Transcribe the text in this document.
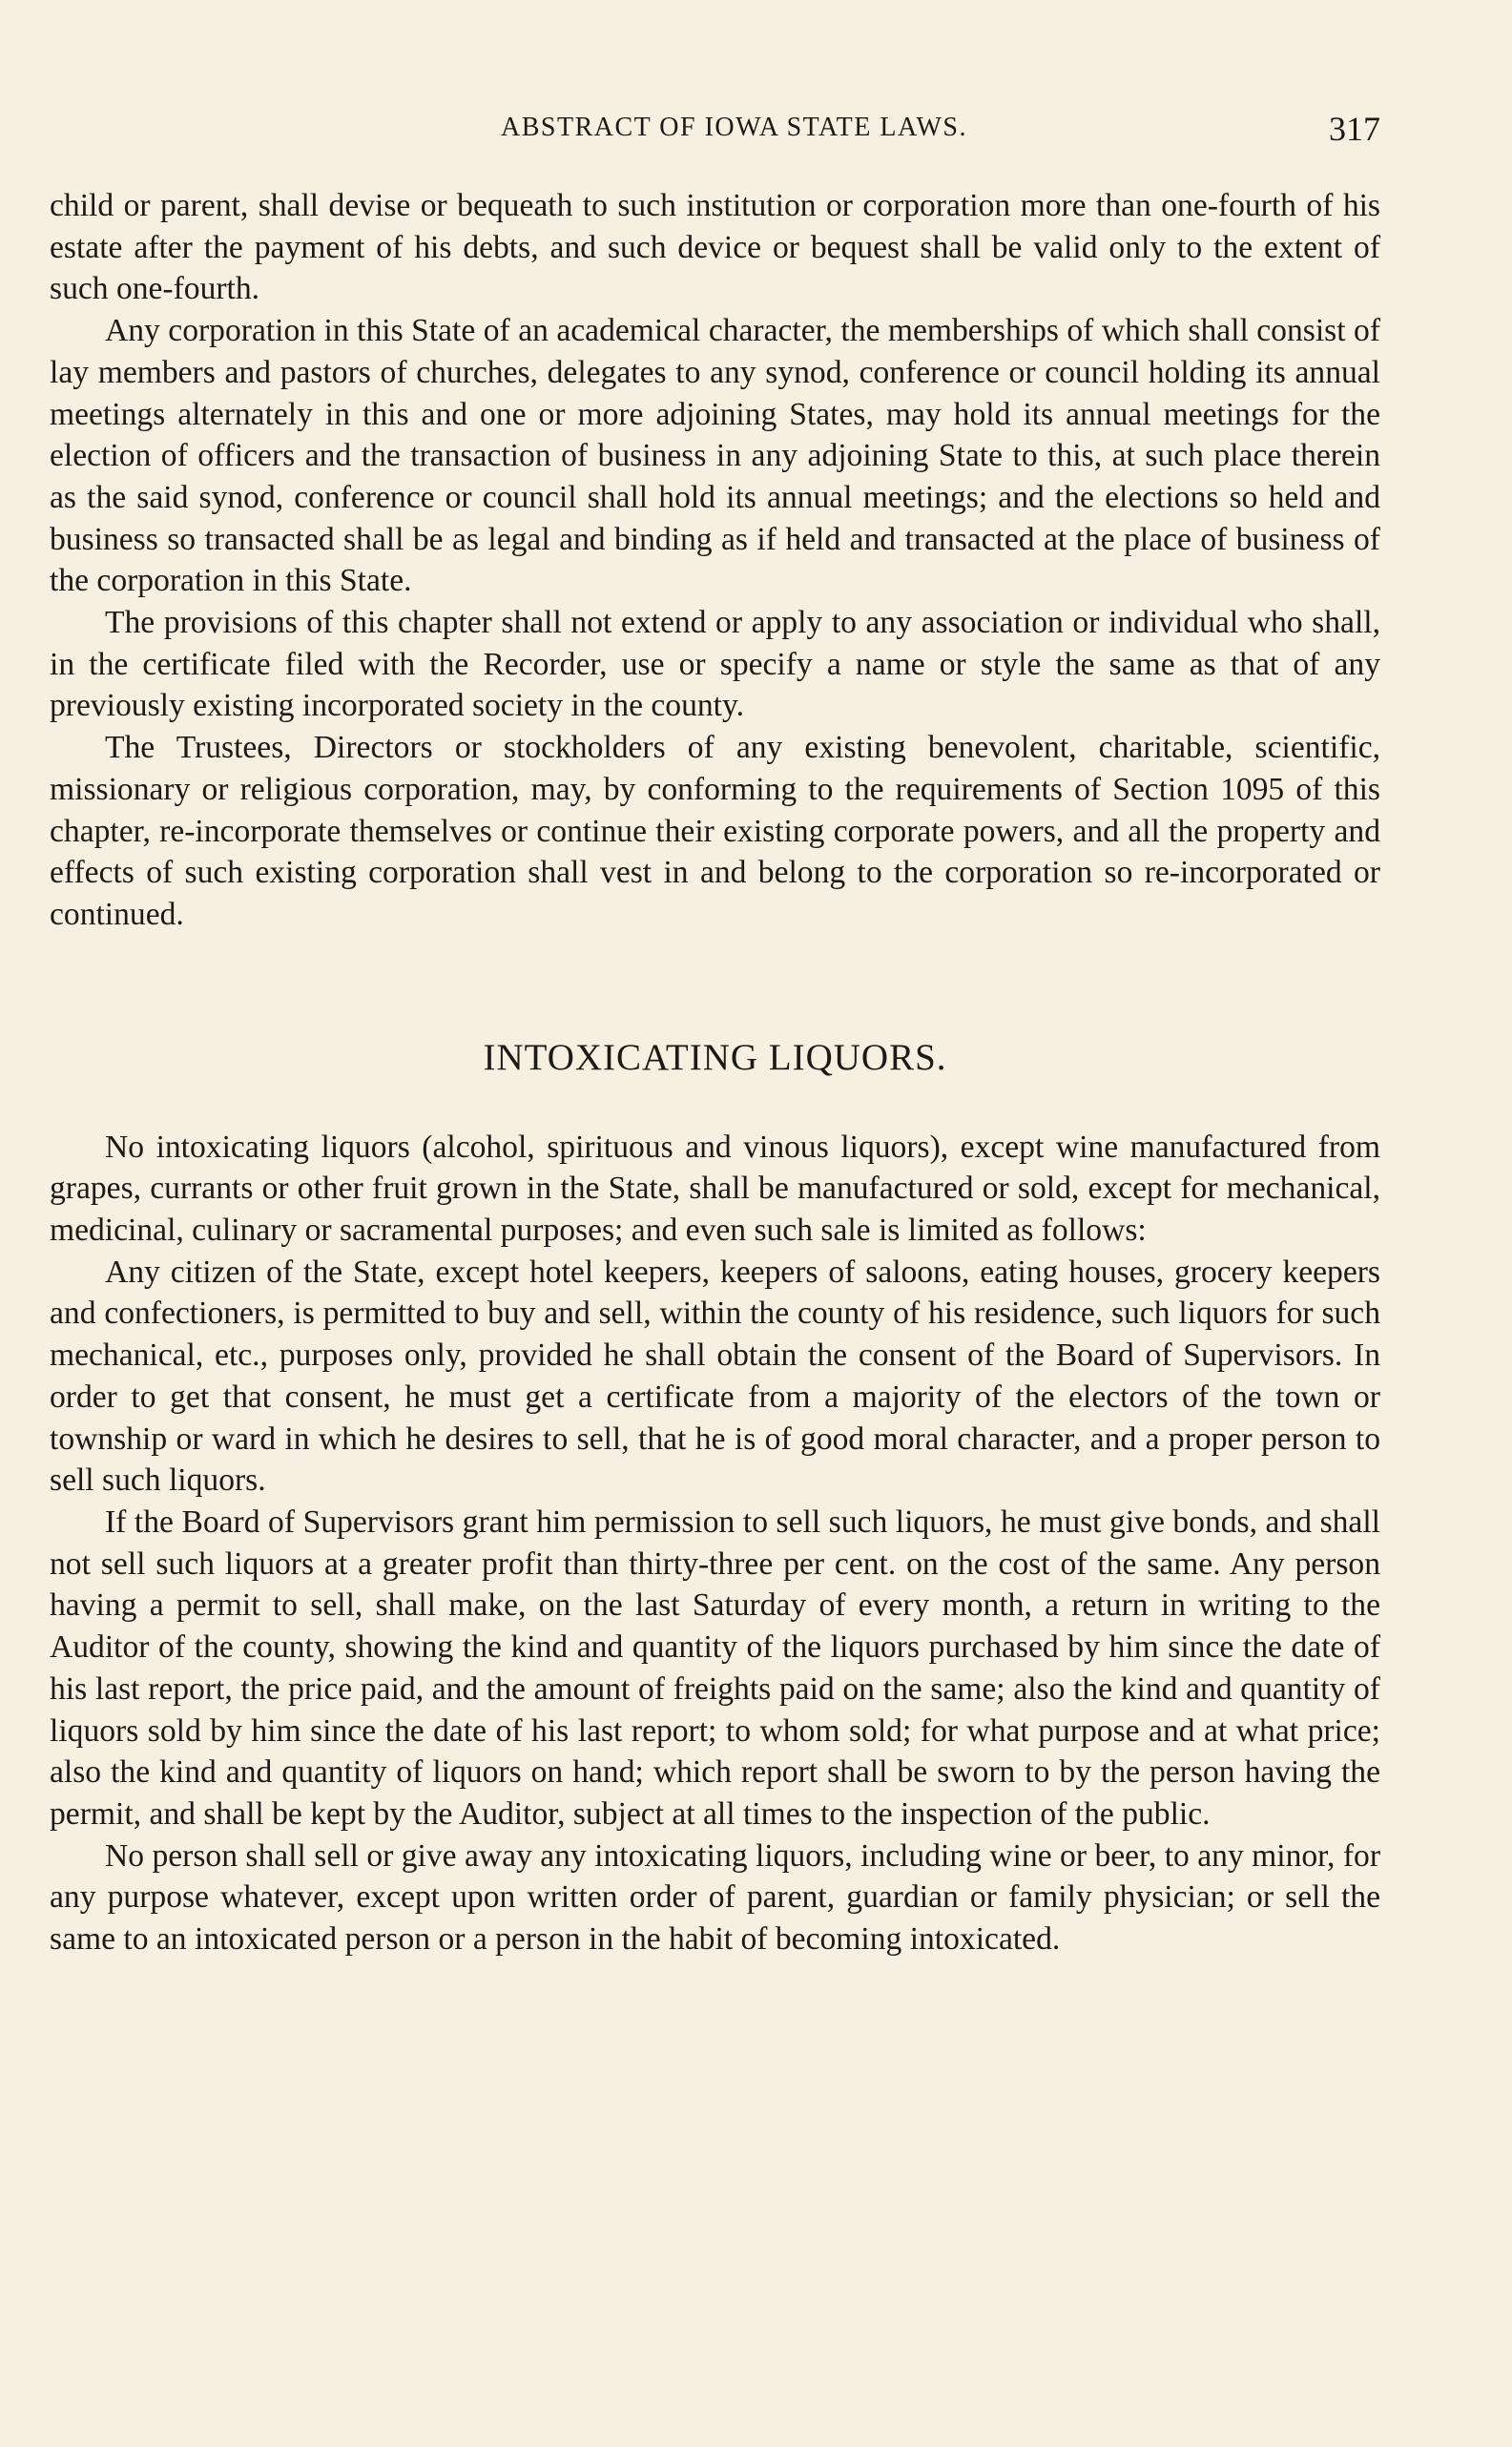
ABSTRACT OF IOWA STATE LAWS.	317

child or parent, shall devise or bequeath to such institution or corporation more than one-fourth of his estate after the payment of his debts, and such device or bequest shall be valid only to the extent of such one-fourth.

Any corporation in this State of an academical character, the memberships of which shall consist of lay members and pastors of churches, delegates to any synod, conference or council holding its annual meetings alternately in this and one or more adjoining States, may hold its annual meetings for the election of officers and the transaction of business in any adjoining State to this, at such place therein as the said synod, conference or council shall hold its annual meetings; and the elections so held and business so transacted shall be as legal and binding as if held and transacted at the place of business of the corporation in this State.

The provisions of this chapter shall not extend or apply to any association or individual who shall, in the certificate filed with the Recorder, use or specify a name or style the same as that of any previously existing incorporated society in the county.

The Trustees, Directors or stockholders of any existing benevolent, charitable, scientific, missionary or religious corporation, may, by conforming to the requirements of Section 1095 of this chapter, re-incorporate themselves or continue their existing corporate powers, and all the property and effects of such existing corporation shall vest in and belong to the corporation so re-incorporated or continued.

INTOXICATING LIQUORS.

No intoxicating liquors (alcohol, spirituous and vinous liquors), except wine manufactured from grapes, currants or other fruit grown in the State, shall be manufactured or sold, except for mechanical, medicinal, culinary or sacramental purposes; and even such sale is limited as follows:

Any citizen of the State, except hotel keepers, keepers of saloons, eating houses, grocery keepers and confectioners, is permitted to buy and sell, within the county of his residence, such liquors for such mechanical, etc., purposes only, provided he shall obtain the consent of the Board of Supervisors. In order to get that consent, he must get a certificate from a majority of the electors of the town or township or ward in which he desires to sell, that he is of good moral character, and a proper person to sell such liquors.

If the Board of Supervisors grant him permission to sell such liquors, he must give bonds, and shall not sell such liquors at a greater profit than thirty-three per cent. on the cost of the same. Any person having a permit to sell, shall make, on the last Saturday of every month, a return in writing to the Auditor of the county, showing the kind and quantity of the liquors purchased by him since the date of his last report, the price paid, and the amount of freights paid on the same; also the kind and quantity of liquors sold by him since the date of his last report; to whom sold; for what purpose and at what price; also the kind and quantity of liquors on hand; which report shall be sworn to by the person having the permit, and shall be kept by the Auditor, subject at all times to the inspection of the public.

No person shall sell or give away any intoxicating liquors, including wine or beer, to any minor, for any purpose whatever, except upon written order of parent, guardian or family physician; or sell the same to an intoxicated person or a person in the habit of becoming intoxicated.
